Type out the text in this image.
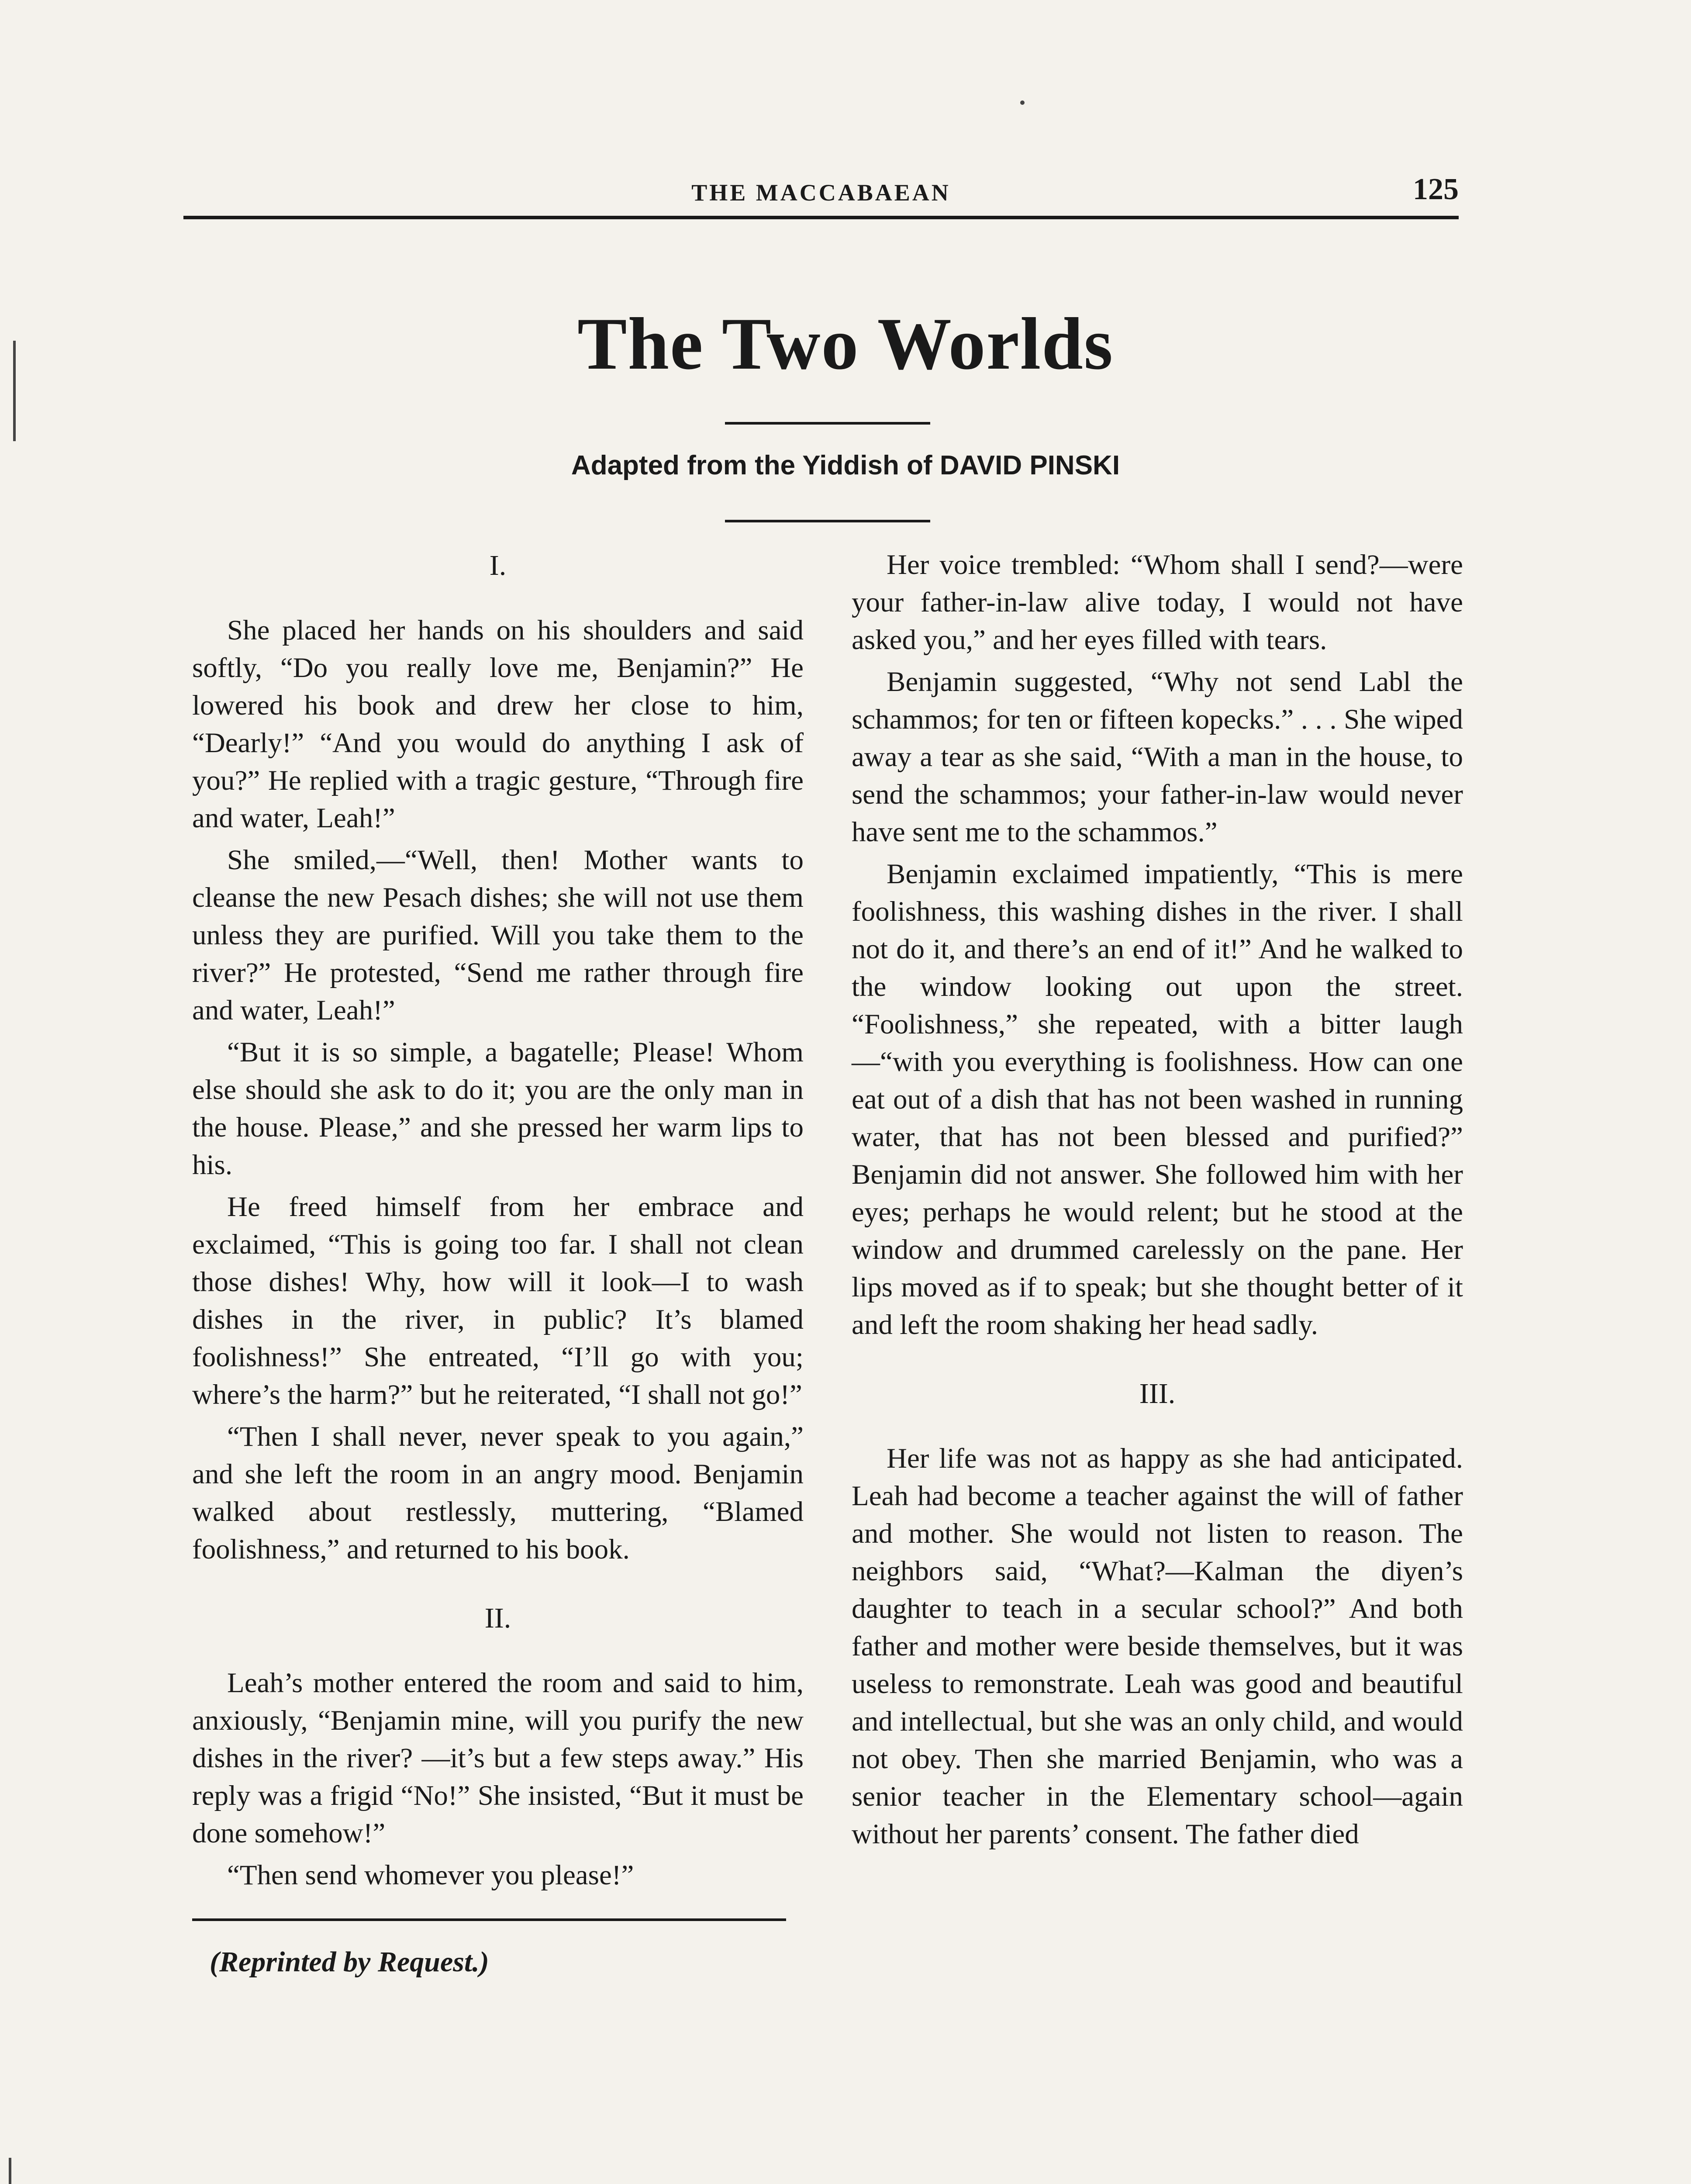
THE MACCABAEAN	125
The Two Worlds
Adapted from the Yiddish of DAVID PINSKI
I.

She placed her hands on his shoulders and said softly, “Do you really love me, Benjamin?” He lowered his book and drew her close to him, “Dearly!” “And you would do anything I ask of you?” He replied with a tragic gesture, “Through fire and water, Leah!”

She smiled,—“Well, then! Mother wants to cleanse the new Pesach dishes; she will not use them unless they are purified. Will you take them to the river?” He protested, “Send me rather through fire and water, Leah!”

“But it is so simple, a bagatelle; Please! Whom else should she ask to do it; you are the only man in the house. Please,” and she pressed her warm lips to his.

He freed himself from her embrace and exclaimed, “This is going too far. I shall not clean those dishes! Why, how will it look—I to wash dishes in the river, in public? It’s blamed foolishness!” She entreated, “I’ll go with you; where’s the harm?” but he reiterated, “I shall not go!”

“Then I shall never, never speak to you again,” and she left the room in an angry mood. Benjamin walked about restlessly, muttering, “Blamed foolishness,” and returned to his book.

II.

Leah’s mother entered the room and said to him, anxiously, “Benjamin mine, will you purify the new dishes in the river? —it’s but a few steps away.” His reply was a frigid “No!” She insisted, “But it must be done somehow!”

“Then send whomever you please!”

(Reprinted by Request.)

Her voice trembled: “Whom shall I send?—were your father-in-law alive today, I would not have asked you,” and her eyes filled with tears.

Benjamin suggested, “Why not send Labl the schammos; for ten or fifteen kopecks.” . . . She wiped away a tear as she said, “With a man in the house, to send the schammos; your father-in-law would never have sent me to the schammos.”

Benjamin exclaimed impatiently, “This is mere foolishness, this washing dishes in the river. I shall not do it, and there’s an end of it!” And he walked to the window looking out upon the street. “Foolishness,” she repeated, with a bitter laugh—“with you everything is foolishness. How can one eat out of a dish that has not been washed in running water, that has not been blessed and purified?” Benjamin did not answer. She followed him with her eyes; perhaps he would relent; but he stood at the window and drummed carelessly on the pane. Her lips moved as if to speak; but she thought better of it and left the room shaking her head sadly.

III.

Her life was not as happy as she had anticipated. Leah had become a teacher against the will of father and mother. She would not listen to reason. The neighbors said, “What?—Kalman the diyen’s daughter to teach in a secular school?” And both father and mother were beside themselves, but it was useless to remonstrate. Leah was good and beautiful and intellectual, but she was an only child, and would not obey. Then she married Benjamin, who was a senior teacher in the Elementary school—again without her parents’ consent. The father died
